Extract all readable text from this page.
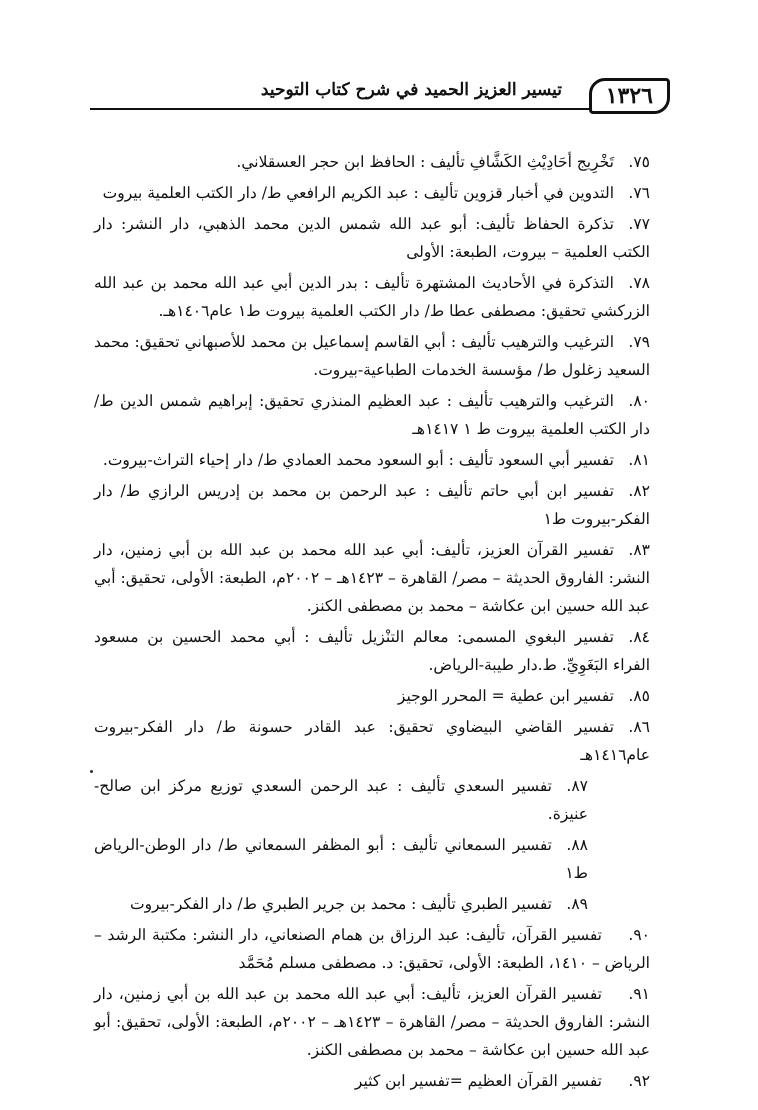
١٣٢٦
تيسير العزيز الحميد في شرح كتاب التوحيد
٧٥.تَخْرِيج أحَادِيْثِ الكَشَّافِ تأليف : الحافظ ابن حجر العسقلاني.
٧٦.التدوين في أخبار قزوين تأليف : عبد الكريم الرافعي ط/ دار الكتب العلمية بيروت
٧٧.تذكرة الحفاظ تأليف: أبو عبد الله شمس الدين محمد الذهبي، دار النشر: دار الكتب العلمية – بيروت، الطبعة: الأولى
٧٨.التذكرة في الأحاديث المشتهرة تأليف : بدر الدين أبي عبد الله محمد بن عبد الله الزركشي تحقيق: مصطفى عطا ط/ دار الكتب العلمية بيروت ط١ عام١٤٠٦هـ.
٧٩.الترغيب والترهيب تأليف : أبي القاسم إسماعيل بن محمد للأصبهاني تحقيق: محمد السعيد زغلول ط/ مؤسسة الخدمات الطباعية-بيروت.
٨٠.الترغيب والترهيب تأليف : عبد العظيم المنذري تحقيق: إبراهيم شمس الدين ط/ دار الكتب العلمية بيروت ط ١ ١٤١٧هـ
٨١.تفسير أبي السعود تأليف : أبو السعود محمد العمادي ط/ دار إحياء التراث-بيروت.
٨٢.تفسير ابن أبي حاتم تأليف : عبد الرحمن بن محمد بن إدريس الرازي ط/ دار الفكر-بيروت ط١
٨٣.تفسير القرآن العزيز، تأليف: أبي عبد الله محمد بن عبد الله بن أبي زمنين، دار النشر: الفاروق الحديثة – مصر/ القاهرة – ١٤٢٣هـ – ٢٠٠٢م، الطبعة: الأولى، تحقيق: أبي عبد الله حسين ابن عكاشة – محمد بن مصطفى الكنز.
٨٤.تفسير البغوي المسمى: معالم التنْزيل تأليف : أبي محمد الحسين بن مسعود الفراء البَغَوِيِّ. ط.دار طيبة-الرياض.
٨٥.تفسير ابن عطية = المحرر الوجيز
٨٦.تفسير القاضي البيضاوي تحقيق: عبد القادر حسونة ط/ دار الفكر-بيروت عام١٤١٦هـ
٨٧.تفسير السعدي تأليف : عبد الرحمن السعدي توزيع مركز ابن صالح-عنيزة.
٨٨.تفسير السمعاني تأليف : أبو المظفر السمعاني ط/ دار الوطن-الرياض ط١
٨٩.تفسير الطبري تأليف : محمد بن جرير الطبري ط/ دار الفكر-بيروت
٩٠.تفسير القرآن، تأليف: عبد الرزاق بن همام الصنعاني، دار النشر: مكتبة الرشد – الرياض – ١٤١٠، الطبعة: الأولى، تحقيق: د. مصطفى مسلم مُحَمَّد
٩١.تفسير القرآن العزيز، تأليف: أبي عبد الله محمد بن عبد الله بن أبي زمنين، دار النشر: الفاروق الحديثة – مصر/ القاهرة – ١٤٢٣هـ – ٢٠٠٢م، الطبعة: الأولى، تحقيق: أبو عبد الله حسين ابن عكاشة – محمد بن مصطفى الكنز.
٩٢.تفسير القرآن العظيم =تفسير ابن كثير
